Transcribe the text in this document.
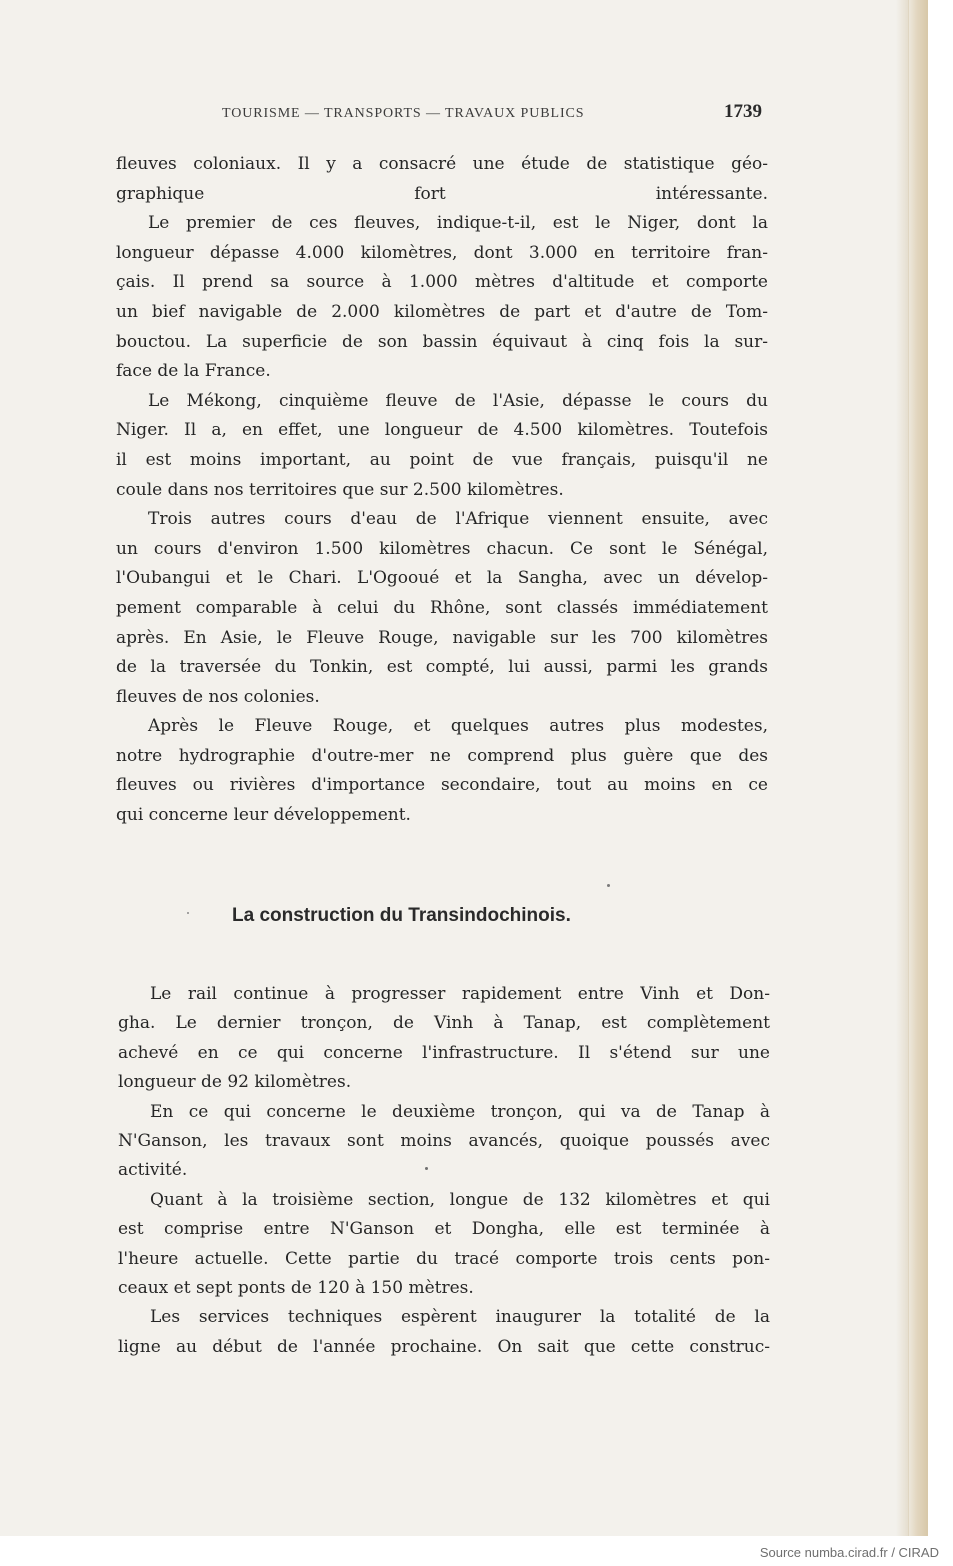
TOURISME — TRANSPORTS — TRAVAUX PUBLICS	1739

fleuves coloniaux. Il y a consacré une étude de statistique géo-
graphique fort intéressante.

Le premier de ces fleuves, indique-t-il, est le Niger, dont la
longueur dépasse 4.000 kilomètres, dont 3.000 en territoire fran-
çais. Il prend sa source à 1.000 mètres d'altitude et comporte
un bief navigable de 2.000 kilomètres de part et d'autre de Tom-
bouctou. La superficie de son bassin équivaut à cinq fois la sur-
face de la France.

Le Mékong, cinquième fleuve de l'Asie, dépasse le cours du
Niger. Il a, en effet, une longueur de 4.500 kilomètres. Toutefois
il est moins important, au point de vue français, puisqu'il ne
coule dans nos territoires que sur 2.500 kilomètres.

Trois autres cours d'eau de l'Afrique viennent ensuite, avec
un cours d'environ 1.500 kilomètres chacun. Ce sont le Sénégal,
l'Oubangui et le Chari. L'Ogooué et la Sangha, avec un dévelop-
pement comparable à celui du Rhône, sont classés immédiatement
après. En Asie, le Fleuve Rouge, navigable sur les 700 kilomètres
de la traversée du Tonkin, est compté, lui aussi, parmi les grands
fleuves de nos colonies.

Après le Fleuve Rouge, et quelques autres plus modestes,
notre hydrographie d'outre-mer ne comprend plus guère que des
fleuves ou rivières d'importance secondaire, tout au moins en ce
qui concerne leur développement.

La construction du Transindochinois.

Le rail continue à progresser rapidement entre Vinh et Don-
gha. Le dernier tronçon, de Vinh à Tanap, est complètement
achevé en ce qui concerne l'infrastructure. Il s'étend sur une
longueur de 92 kilomètres.

En ce qui concerne le deuxième tronçon, qui va de Tanap à
N'Ganson, les travaux sont moins avancés, quoique poussés avec
activité.

Quant à la troisième section, longue de 132 kilomètres et qui
est comprise entre N'Ganson et Dongha, elle est terminée à
l'heure actuelle. Cette partie du tracé comporte trois cents pon-
ceaux et sept ponts de 120 à 150 mètres.

Les services techniques espèrent inaugurer la totalité de la
ligne au début de l'année prochaine. On sait que cette construc-

Source numba.cirad.fr / CIRAD
